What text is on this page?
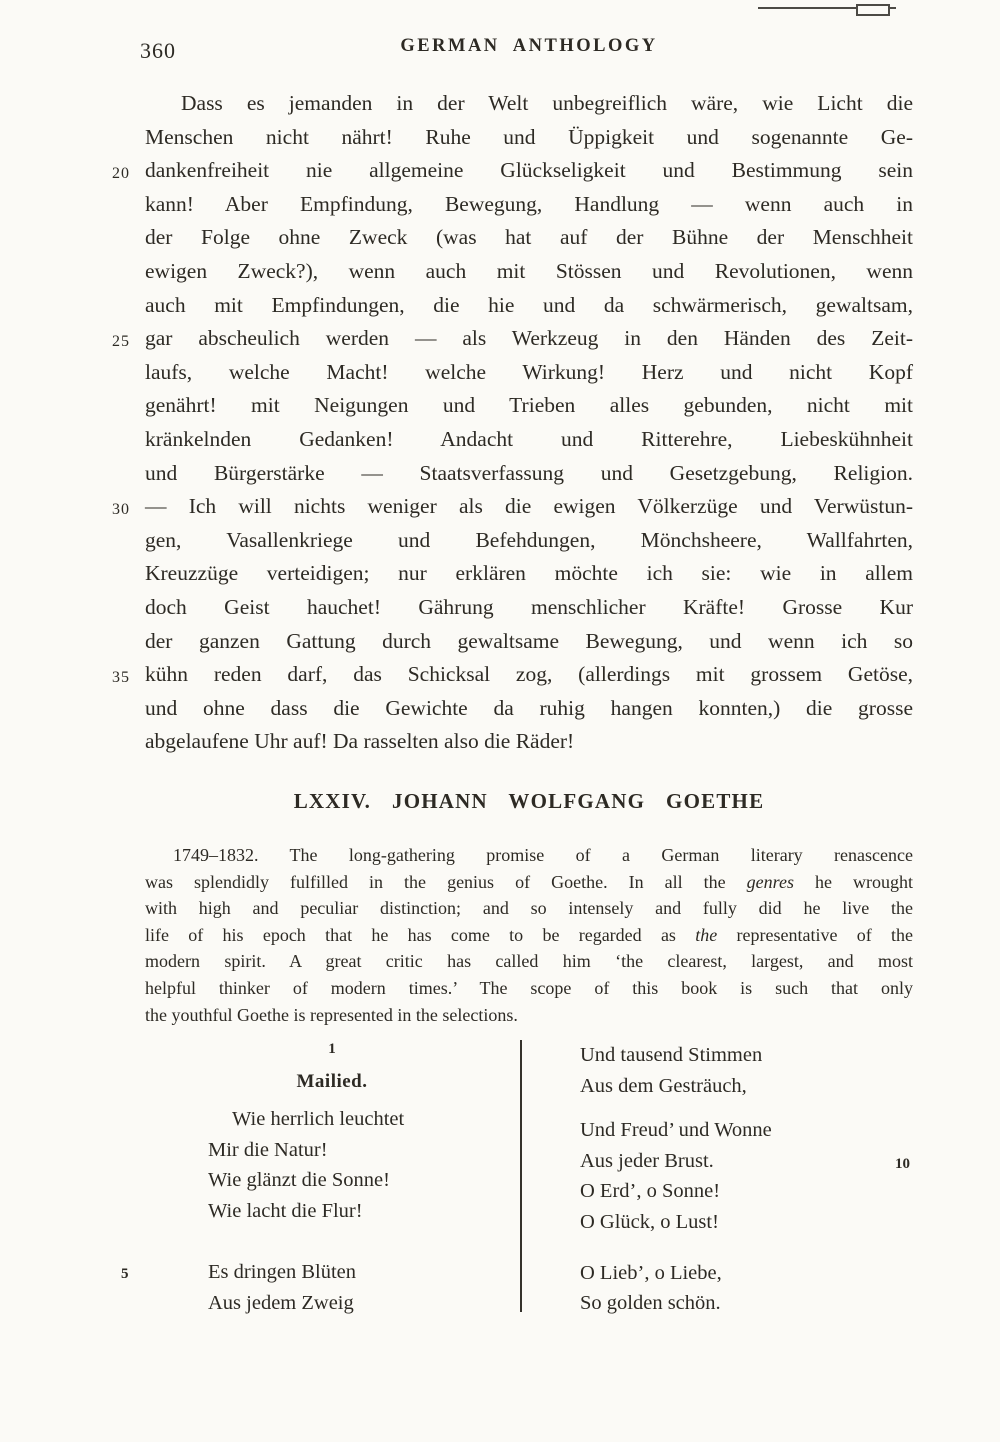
360	GERMAN ANTHOLOGY
Dass es jemanden in der Welt unbegreiflich wäre, wie Licht die
Menschen nicht nährt! Ruhe und Üppigkeit und sogenannte Ge-
20 dankenfreiheit nie allgemeine Glückseligkeit und Bestimmung sein
kann! Aber Empfindung, Bewegung, Handlung — wenn auch in
der Folge ohne Zweck (was hat auf der Bühne der Menschheit
ewigen Zweck?), wenn auch mit Stössen und Revolutionen, wenn
auch mit Empfindungen, die hie und da schwärmerisch, gewaltsam,
25 gar abscheulich werden — als Werkzeug in den Händen des Zeit-
laufs, welche Macht! welche Wirkung! Herz und nicht Kopf
genährt! mit Neigungen und Trieben alles gebunden, nicht mit
kränkelnden Gedanken! Andacht und Ritterehre, Liebeskühnheit
und Bürgerstärke — Staatsverfassung und Gesetzgebung, Religion.
30 — Ich will nichts weniger als die ewigen Völkerzüge und Verwüstun-
gen, Vasallenkriege und Befehdungen, Mönchsheere, Wallfahrten,
Kreuzzüge verteidigen; nur erklären möchte ich sie: wie in allem
doch Geist hauchet! Gährung menschlicher Kräfte! Grosse Kur
der ganzen Gattung durch gewaltsame Bewegung, und wenn ich so
35 kühn reden darf, das Schicksal zog, (allerdings mit grossem Getöse,
und ohne dass die Gewichte da ruhig hangen konnten,) die grosse
abgelaufene Uhr auf! Da rasselten also die Räder!
LXXIV.  JOHANN  WOLFGANG  GOETHE
1749–1832. The long-gathering promise of a German literary renascence
was splendidly fulfilled in the genius of Goethe. In all the genres he wrought
with high and peculiar distinction; and so intensely and fully did he live the
life of his epoch that he has come to be regarded as the representative of the
modern spirit. A great critic has called him ‘the clearest, largest, and most
helpful thinker of modern times.’ The scope of this book is such that only
the youthful Goethe is represented in the selections.
1
Mailied.
Wie herrlich leuchtet
Mir die Natur!
Wie glänzt die Sonne!
Wie lacht die Flur!
5	Es dringen Blüten
Aus jedem Zweig
Und tausend Stimmen
Aus dem Gesträuch,
Und Freud’ und Wonne
10
Aus jeder Brust.
O Erd’, o Sonne!
O Glück, o Lust!
O Lieb’, o Liebe,
So golden schön.
